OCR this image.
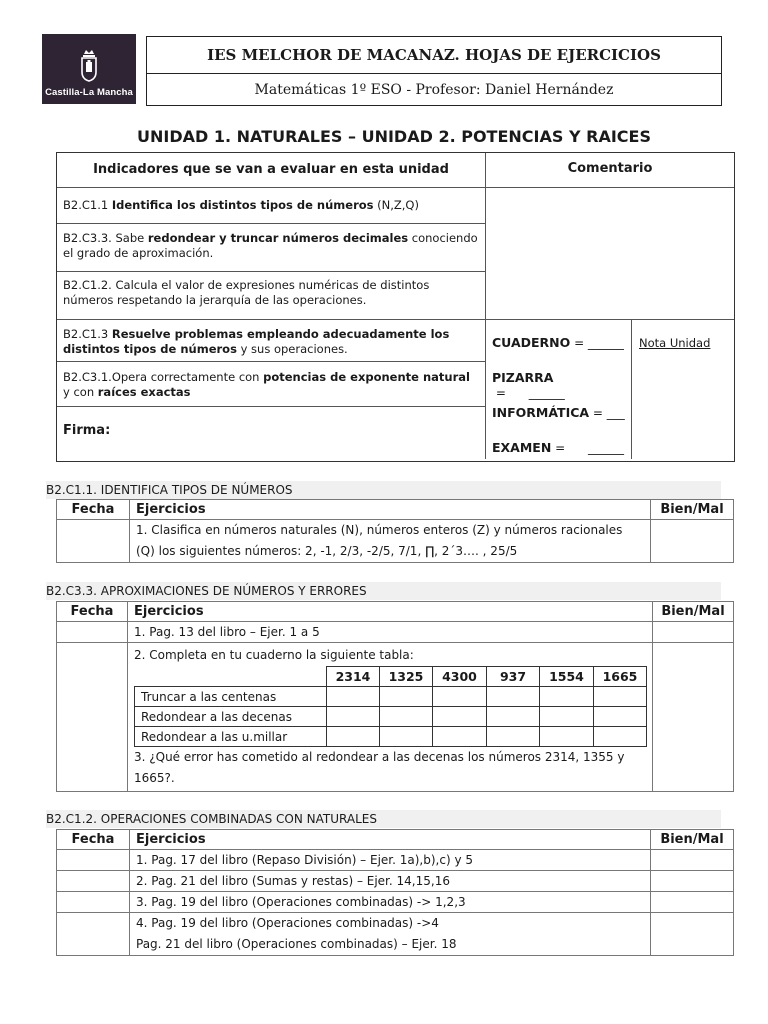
Castilla-La Mancha
IES MELCHOR DE MACANAZ. HOJAS DE EJERCICIOS
Matemáticas 1º ESO - Profesor: Daniel Hernández
UNIDAD 1. NATURALES – UNIDAD 2. POTENCIAS Y RAICES
Indicadores que se van a evaluar en esta unidad	Comentario
B2.C1.1 Identifica los distintos tipos de números (N,Z,Q)
B2.C3.3. Sabe redondear y truncar números decimales conociendo el grado de aproximación.
B2.C1.2. Calcula el valor de expresiones numéricas de distintos números respetando la jerarquía de las operaciones.
B2.C1.3 Resuelve problemas empleando adecuadamente los distintos tipos de números y sus operaciones.
B2.C3.1.Opera correctamente con potencias de exponente natural y con raíces exactas
Firma:
CUADERNO = ______
PIZARRA =      ______
INFORMÁTICA = ___
EXAMEN =      ______
Nota Unidad
B2.C1.1. IDENTIFICA TIPOS DE NÚMEROS
Fecha	Ejercicios	Bien/Mal

	1. Clasifica en números naturales (N), números enteros (Z) y números racionales
(Q) los siguientes números: 2, -1, 2/3, -2/5, 7/1, ∏, 2´3…. , 25/5	

B2.C3.3. APROXIMACIONES DE NÚMEROS Y ERRORES
Fecha	Ejercicios	Bien/Mal
	1. Pag. 13 del libro – Ejer. 1 a 5	

2. Completa en tu cuaderno la siguiente tabla:
	2314	1325	4300	937	1554	1665
Truncar a las centenas						
Redondear a las decenas						
Redondear a las u.millar						
3. ¿Qué error has cometido al redondear a las decenas los números 2314, 1355 y
1665?.

B2.C1.2. OPERACIONES COMBINADAS CON NATURALES
Fecha	Ejercicios	Bien/Mal
	1. Pag. 17 del libro (Repaso División) – Ejer. 1a),b),c) y 5	
	2. Pag. 21 del libro (Sumas y restas) – Ejer. 14,15,16	
	3. Pag. 19 del libro (Operaciones combinadas) -> 1,2,3	

	4. Pag. 19 del libro (Operaciones combinadas) ->4
Pag. 21 del libro (Operaciones combinadas) – Ejer. 18	
